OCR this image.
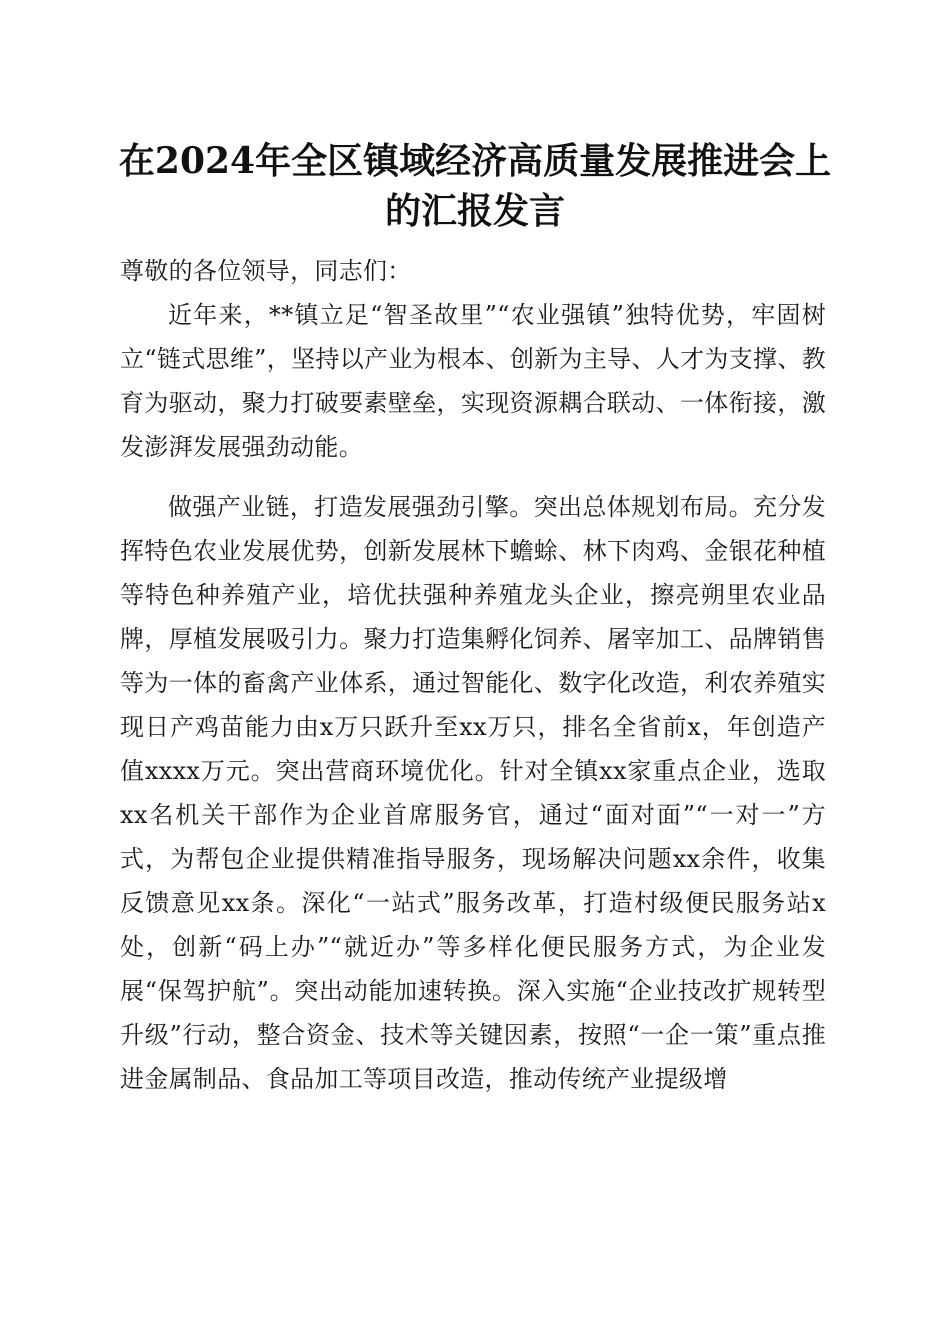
在2024年全区镇域经济高质量发展推进会上
的汇报发言

尊敬的各位领导，同志们：

近年来，**镇立足“智圣故里”“农业强镇”独特优势，牢固树立“链式思维”，坚持以产业为根本、创新为主导、人才为支撑、教育为驱动，聚力打破要素壁垒，实现资源耦合联动、一体衔接，激发澎湃发展强劲动能。

做强产业链，打造发展强劲引擎。突出总体规划布局。充分发挥特色农业发展优势，创新发展林下蟾蜍、林下肉鸡、金银花种植等特色种养殖产业，培优扶强种养殖龙头企业，擦亮朔里农业品牌，厚植发展吸引力。聚力打造集孵化饲养、屠宰加工、品牌销售等为一体的畜禽产业体系，通过智能化、数字化改造，利农养殖实现日产鸡苗能力由x万只跃升至xx万只，排名全省前x，年创造产值xxxx万元。突出营商环境优化。针对全镇xx家重点企业，选取xx名机关干部作为企业首席服务官，通过“面对面”“一对一”方式，为帮包企业提供精准指导服务，现场解决问题xx余件，收集反馈意见xx条。深化“一站式”服务改革，打造村级便民服务站x处，创新“码上办”“就近办”等多样化便民服务方式，为企业发展“保驾护航”。突出动能加速转换。深入实施“企业技改扩规转型升级”行动，整合资金、技术等关键因素，按照“一企一策”重点推进金属制品、食品加工等项目改造，推动传统产业提级增
